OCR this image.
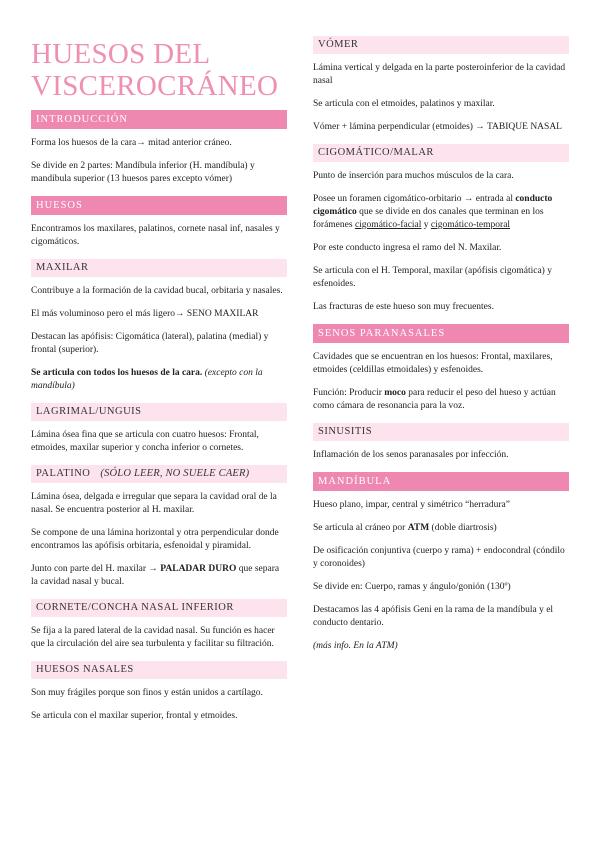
HUESOS DEL
VISCEROCRÁNEO
INTRODUCCIÓN

Forma los huesos de la cara→ mitad anterior cráneo.

Se divide en 2 partes: Mandíbula inferior (H. mandíbula) y mandíbula superior (13 huesos pares excepto vómer)

HUESOS

Encontramos los maxilares, palatinos, cornete nasal inf, nasales y cigomáticos.

MAXILAR

Contribuye a la formación de la cavidad bucal, orbitaria y nasales.

El más voluminoso pero el más ligero→ SENO MAXILAR

Destacan las apófisis: Cigomática (lateral), palatina (medial) y frontal (superior).

Se articula con todos los huesos de la cara. (excepto con la mandíbula)

LAGRIMAL/UNGUIS

Lámina ósea fina que se articula con cuatro huesos: Frontal, etmoides, maxilar superior y concha inferior o cornetes.

PALATINO (SÓLO LEER, NO SUELE CAER)

Lámina ósea, delgada e irregular que separa la cavidad oral de la nasal. Se encuentra posterior al H. maxilar.

Se compone de una lámina horizontal y otra perpendicular donde encontramos las apófisis orbitaria, esfenoidal y piramidal.

Junto con parte del H. maxilar → PALADAR DURO que separa la cavidad nasal y bucal.

CORNETE/CONCHA NASAL INFERIOR

Se fija a la pared lateral de la cavidad nasal. Su función es hacer que la circulación del aire sea turbulenta y facilitar su filtración.

HUESOS NASALES

Son muy frágiles porque son finos y están unidos a cartílago.

Se articula con el maxilar superior, frontal y etmoides.

VÓMER

Lámina vertical y delgada en la parte posteroinferior de la cavidad nasal

Se articula con el etmoides, palatinos y maxilar.

Vómer + lámina perpendicular (etmoides) → TABIQUE NASAL

CIGOMÁTICO/MALAR

Punto de inserción para muchos músculos de la cara.

Posee un foramen cigomático-orbitario → entrada al conducto cigomático que se divide en dos canales que terminan en los forámenes cigomático-facial y cigomático-temporal

Por este conducto ingresa el ramo del N. Maxilar.

Se articula con el H. Temporal, maxilar (apófisis cigomática) y esfenoides.

Las fracturas de este hueso son muy frecuentes.

SENOS PARANASALES

Cavidades que se encuentran en los huesos: Frontal, maxilares, etmoides (celdillas etmoidales) y esfenoides.

Función: Producir moco para reducir el peso del hueso y actúan como cámara de resonancia para la voz.

SINUSITIS

Inflamación de los senos paranasales por infección.

MANDÍBULA

Hueso plano, impar, central y simétrico “herradura”

Se articula al cráneo por ATM (doble diartrosis)

De osificación conjuntiva (cuerpo y rama) + endocondral (cóndilo y coronoides)

Se divide en: Cuerpo, ramas y ángulo/gonión (130º)

Destacamos las 4 apófisis Geni en la rama de la mandíbula y el conducto dentario.

(más info. En la ATM)
